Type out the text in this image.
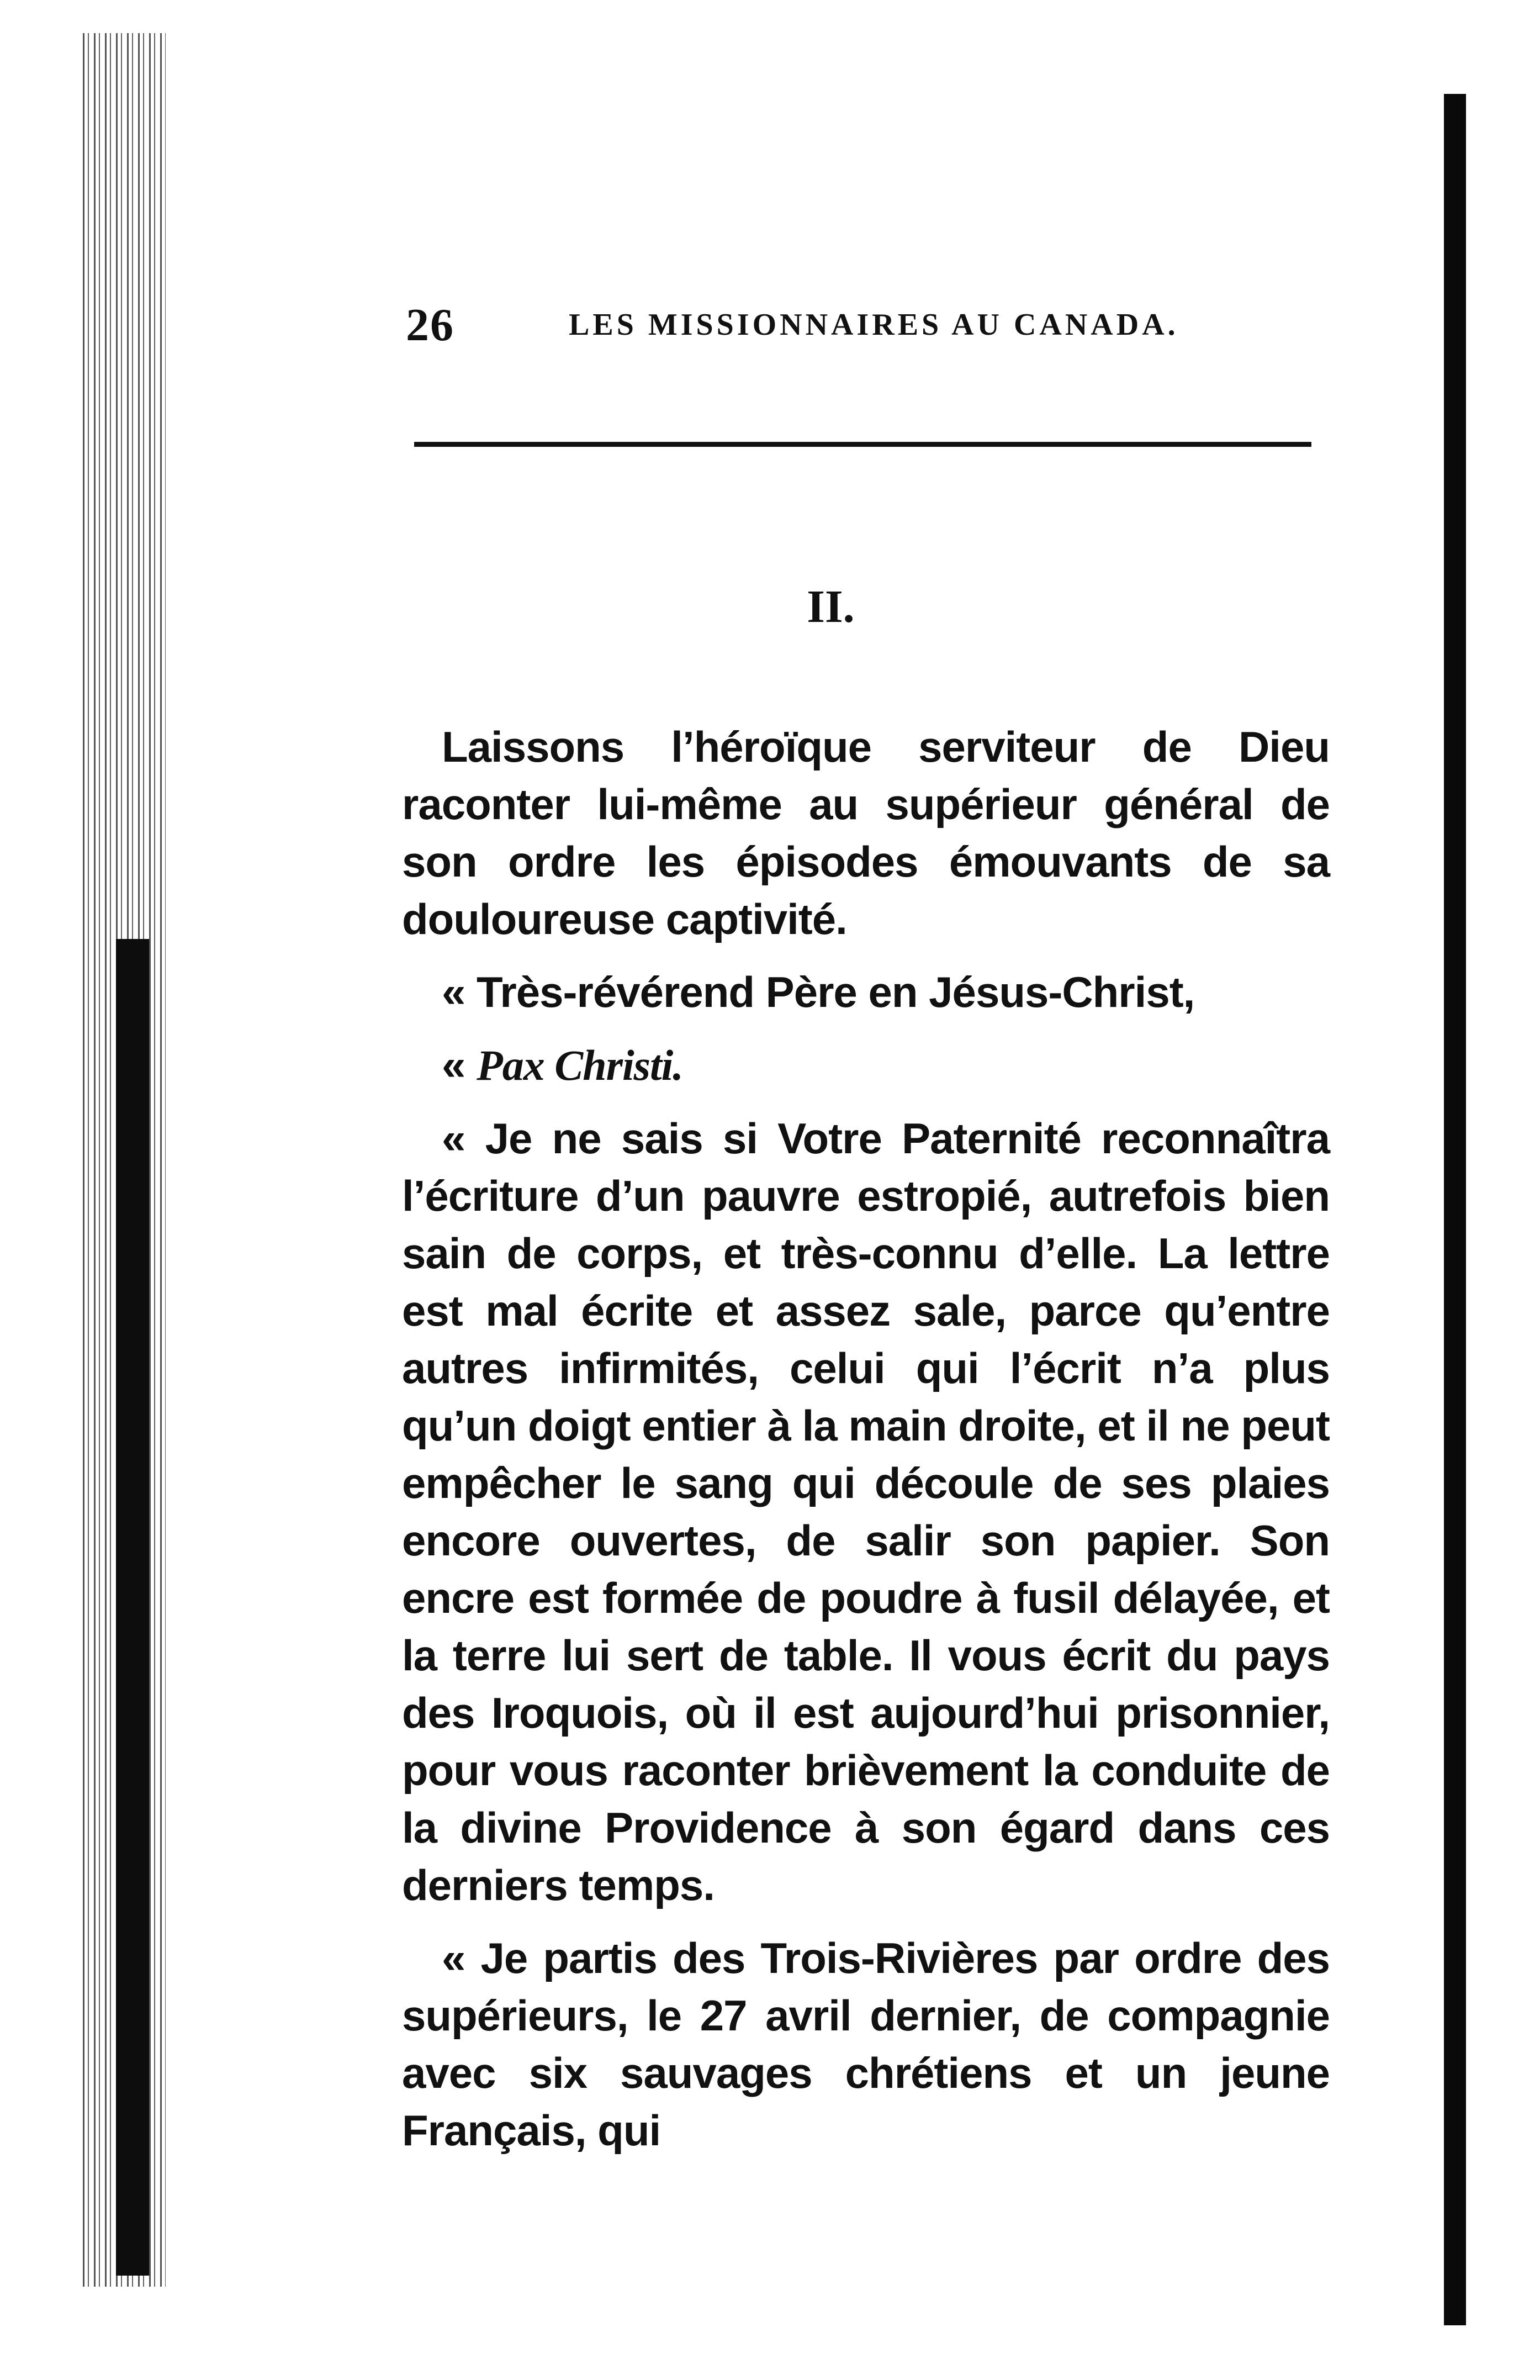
26	LES MISSIONNAIRES AU CANADA.
II.

Laissons l’héroïque serviteur de Dieu raconter lui-même au supérieur général de son ordre les épisodes émouvants de sa douloureuse captivité.

« Très-révérend Père en Jésus-Christ,

« Pax Christi.

« Je ne sais si Votre Paternité reconnaîtra l’écriture d’un pauvre estropié, autrefois bien sain de corps, et très-connu d’elle. La lettre est mal écrite et assez sale, parce qu’entre autres infirmités, celui qui l’écrit n’a plus qu’un doigt entier à la main droite, et il ne peut empêcher le sang qui découle de ses plaies encore ouvertes, de salir son papier. Son encre est formée de poudre à fusil délayée, et la terre lui sert de table. Il vous écrit du pays des Iroquois, où il est aujourd’hui prisonnier, pour vous raconter brièvement la conduite de la divine Providence à son égard dans ces derniers temps.

« Je partis des Trois-Rivières par ordre des supérieurs, le 27 avril dernier, de compagnie avec six sauvages chrétiens et un jeune Français, qui
